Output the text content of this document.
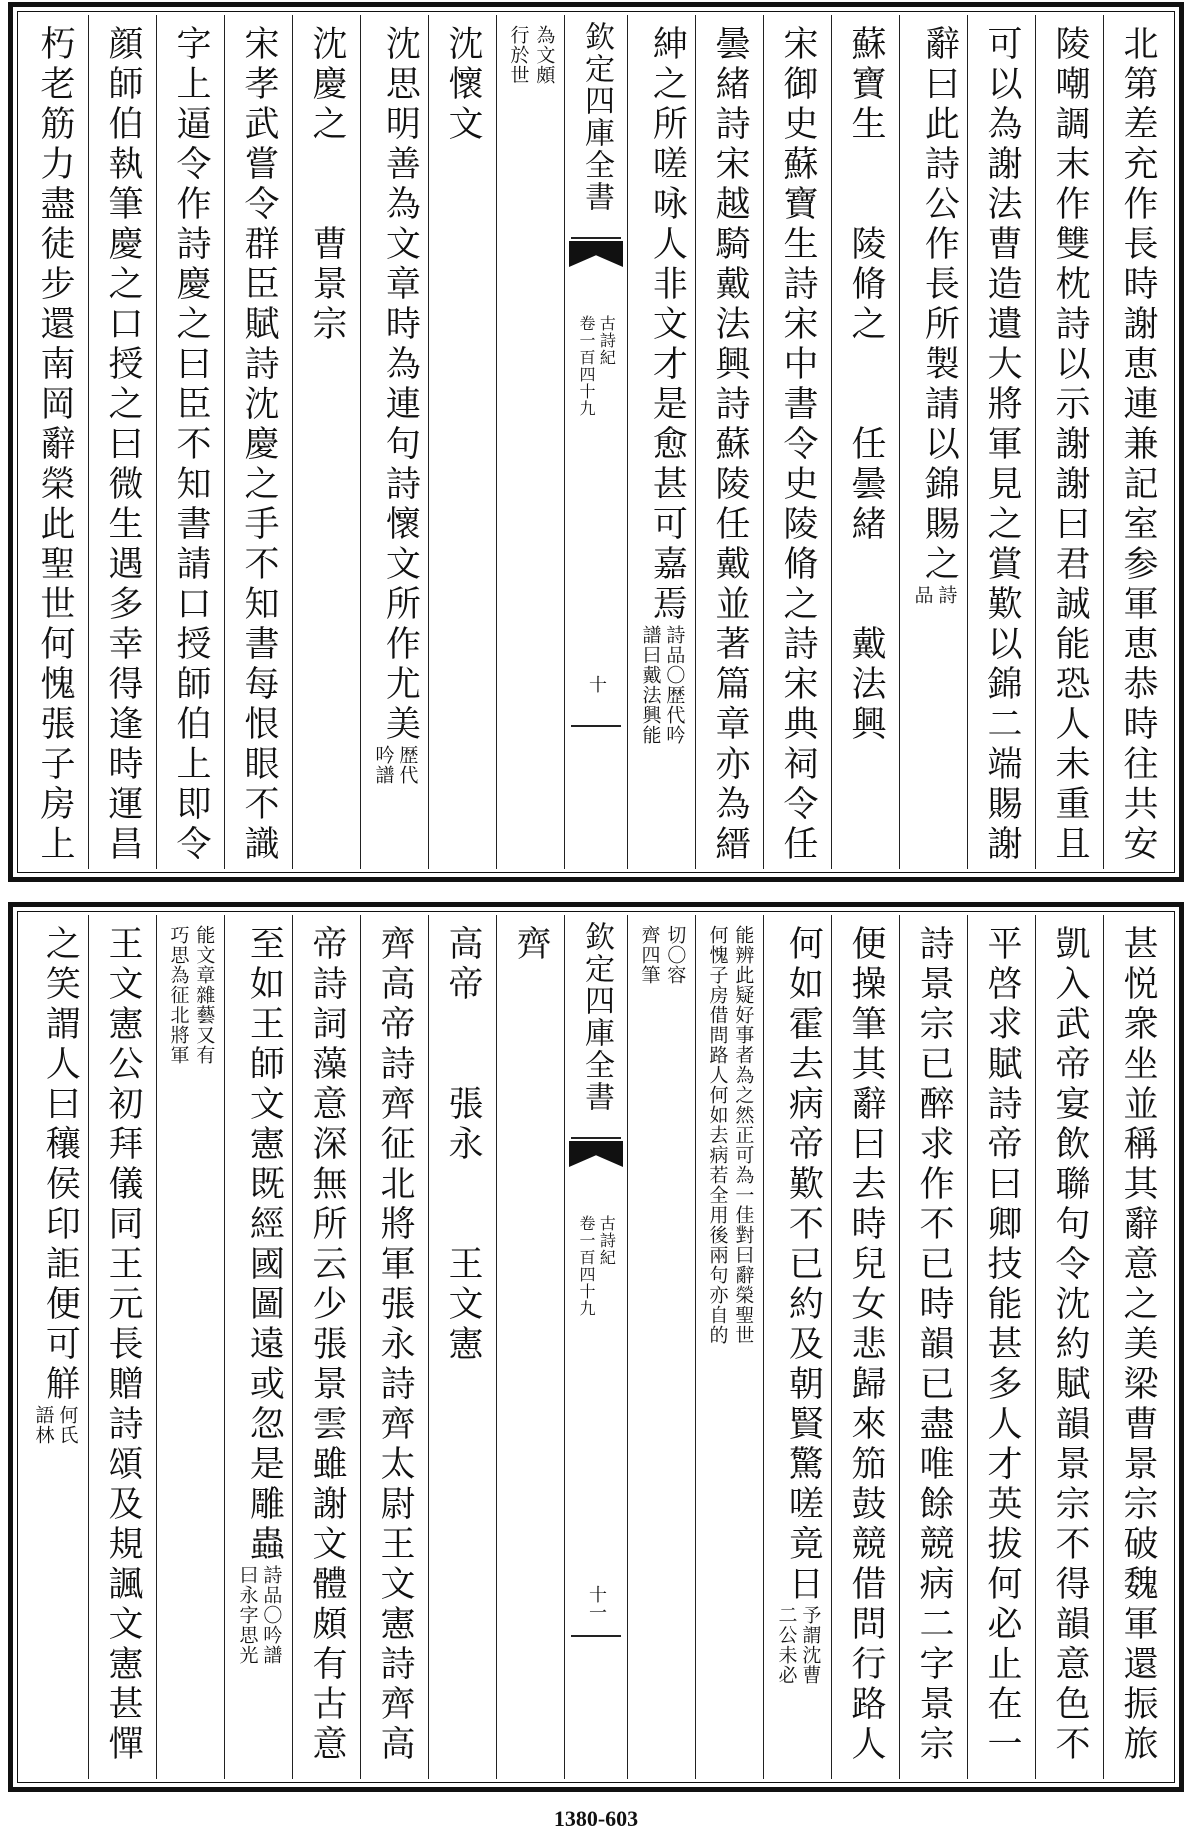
北第差充作長時謝恵連兼記室参軍恵恭時往共安
陵嘲調末作雙枕詩以示謝謝曰君誠能恐人未重且
可以為謝法曹造遺大將軍見之賞歎以錦二端賜謝
辭曰此詩公作長所製請以錦賜之
詩
品
蘇寶生　　陵脩之　　任曇緒　　戴法興
宋御史蘇寶生詩宋中書令史陵脩之詩宋典祠令任
曇緒詩宋越騎戴法興詩蘇陵任戴並著篇章亦為縉
紳之所嗟咏人非文才是愈甚可嘉焉
詩品〇歴代吟
譜曰戴法興能
欽定四庫全書
古詩紀
卷一百四十九
十
為文頗
行於世
沈懷文
沈思明善為文章時為連句詩懷文所作尤美
歴代
吟譜
沈慶之　　曹景宗
宋孝武嘗令群臣賦詩沈慶之手不知書每恨眼不識
字上逼令作詩慶之曰臣不知書請口授師伯上即令
顔師伯執筆慶之口授之曰微生遇多幸得逢時運昌
朽老筋力盡徒步還南岡辭榮此聖世何愧張子房上
甚悦衆坐並稱其辭意之美梁曹景宗破魏軍還振旅
凱入武帝宴飲聯句令沈約賦韻景宗不得韻意色不
平啓求賦詩帝曰卿技能甚多人才英拔何必止在一
詩景宗已醉求作不已時韻已盡唯餘競病二字景宗
便操筆其辭曰去時兒女悲歸來笳鼓競借問行路人
何如霍去病帝歎不已約及朝賢驚嗟竟日
予謂沈曹
二公未必
能辨此疑好事者為之然正可為一佳對曰辭榮聖世
何愧子房借問路人何如去病若全用後兩句亦自的
切〇容
齊四筆
欽定四庫全書
古詩紀
卷一百四十九
十一
齊
高帝　　張永　　王文憲
齊高帝詩齊征北將軍張永詩齊太尉王文憲詩齊高
帝詩詞藻意深無所云少張景雲雖謝文體頗有古意
至如王師文憲既經國圖遠或忽是雕蟲
詩品〇吟譜
曰永字思光
能文章雜藝又有
巧思為征北將軍
王文憲公初拜儀同王元長贈詩頌及規諷文憲甚憚
之笑謂人曰穰侯印詎便可觧
何氏
語林
1380-603
